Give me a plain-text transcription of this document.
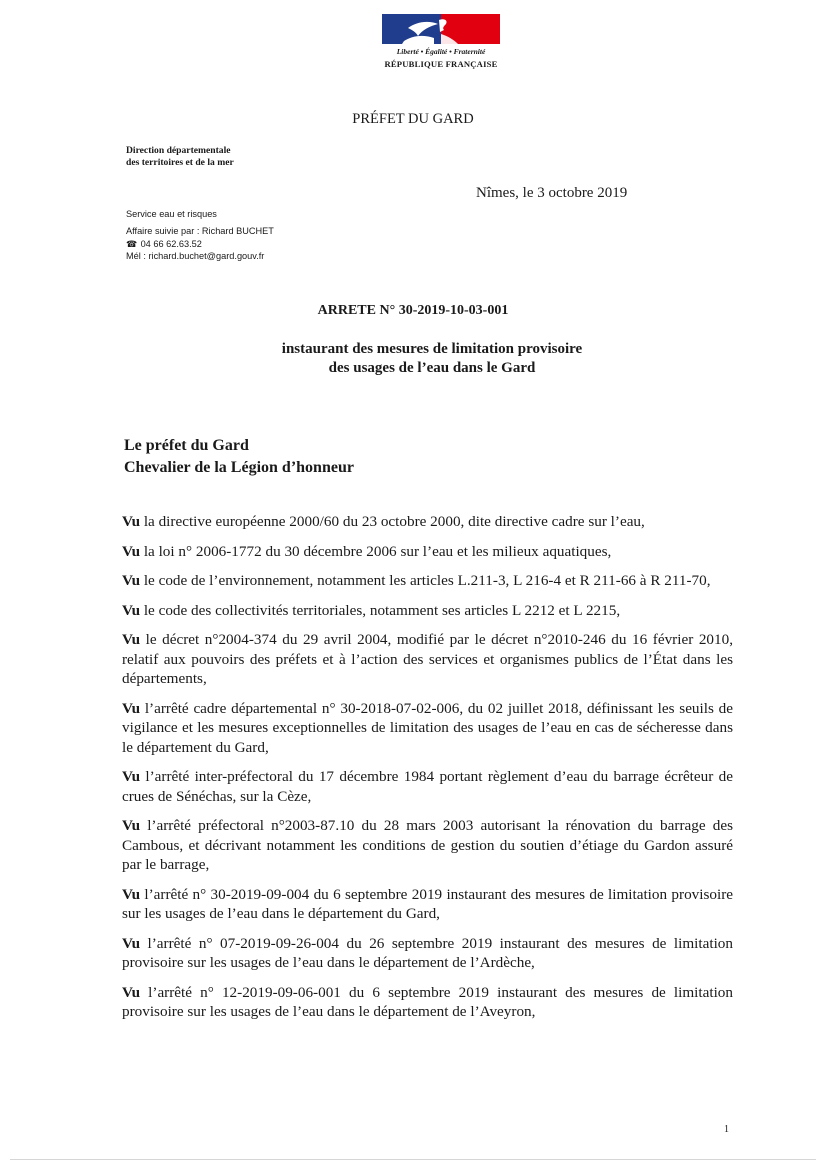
Liberté • Égalité • Fraternité
RÉPUBLIQUE FRANÇAISE
PRÉFET DU GARD
Direction départementale
des territoires et de la mer
Nîmes, le 3 octobre 2019
Service eau et risques
Affaire suivie par : Richard BUCHET
☎ 04 66 62.63.52
Mél : richard.buchet@gard.gouv.fr
ARRETE N° 30-2019-10-03-001
instaurant des mesures de limitation provisoire
des usages de l’eau dans le Gard
Le préfet du Gard
Chevalier de la Légion d’honneur

Vu la directive européenne 2000/60 du 23 octobre 2000, dite directive cadre sur l’eau,

Vu la loi n° 2006-1772 du 30 décembre 2006 sur l’eau et les milieux aquatiques,

Vu le code de l’environnement, notamment les articles L.211-3, L 216-4 et R 211-66 à R 211-70,

Vu le code des collectivités territoriales, notamment ses articles L 2212 et L 2215,

Vu le décret n°2004-374 du 29 avril 2004, modifié par le décret n°2010-246 du 16 février 2010, relatif aux pouvoirs des préfets et à l’action des services et organismes publics de l’État dans les départements,

Vu l’arrêté cadre départemental n° 30-2018-07-02-006, du 02 juillet 2018, définissant les seuils de vigilance et les mesures exceptionnelles de limitation des usages de l’eau en cas de sécheresse dans le département du Gard,

Vu l’arrêté inter-préfectoral du 17 décembre 1984 portant règlement d’eau du barrage écrêteur de crues de Sénéchas, sur la Cèze,

Vu l’arrêté préfectoral n°2003-87.10 du 28 mars 2003 autorisant la rénovation du barrage des Cambous, et décrivant notamment les conditions de gestion du soutien d’étiage du Gardon assuré par le barrage,

Vu l’arrêté n° 30-2019-09-004 du 6 septembre 2019 instaurant des mesures de limitation provisoire sur les usages de l’eau dans le département du Gard,

Vu l’arrêté n° 07-2019-09-26-004 du 26 septembre 2019 instaurant des mesures de limitation provisoire sur les usages de l’eau dans le département de l’Ardèche,

Vu l’arrêté n° 12-2019-09-06-001 du 6 septembre 2019 instaurant des mesures de limitation provisoire sur les usages de l’eau dans le département de l’Aveyron,

1
